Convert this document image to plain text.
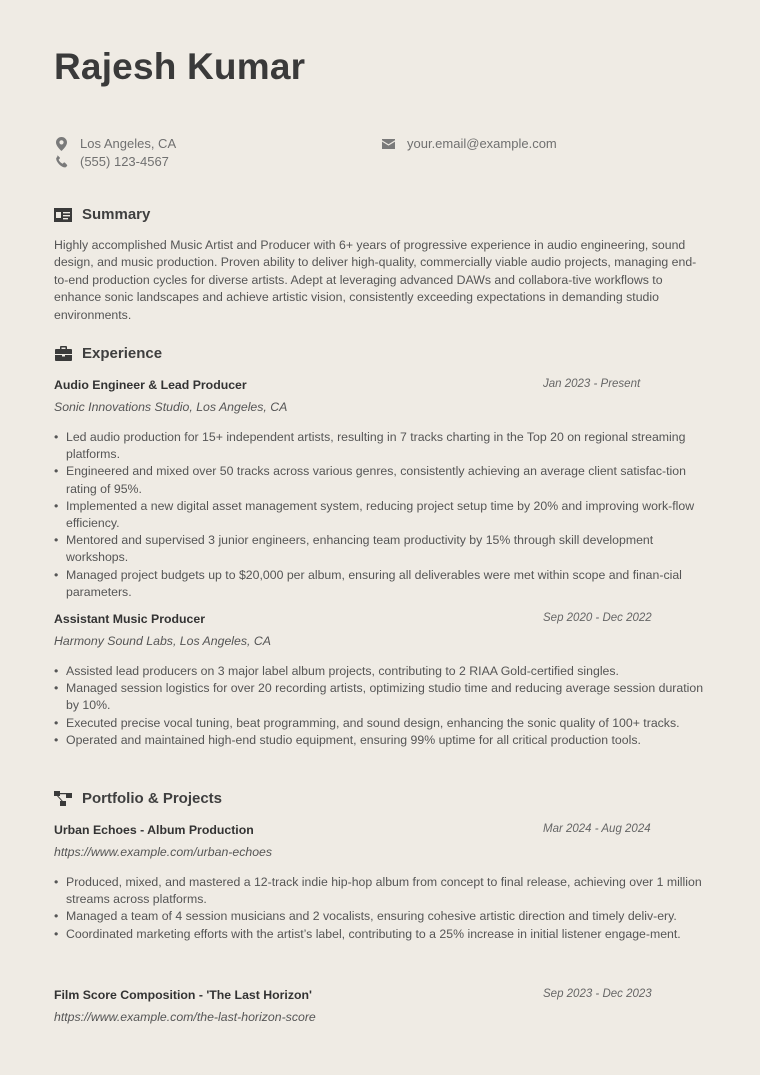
Rajesh Kumar
Los Angeles, CA
(555) 123-4567
your.email@example.com
Summary

Highly accomplished Music Artist and Producer with 6+ years of progressive experience in audio engineering, sound design, and music production. Proven ability to deliver high-quality, commercially viable audio projects, managing end-to-end production cycles for diverse artists. Adept at leveraging advanced DAWs and collabora-tive workflows to enhance sonic landscapes and achieve artistic vision, consistently exceeding expectations in demanding studio environments.

Experience
Audio Engineer & Lead Producer	Jan 2023 - Present
Sonic Innovations Studio, Los Angeles, CA
• Led audio production for 15+ independent artists, resulting in 7 tracks charting in the Top 20 on regional streaming platforms.
• Engineered and mixed over 50 tracks across various genres, consistently achieving an average client satisfac-tion rating of 95%.
• Implemented a new digital asset management system, reducing project setup time by 20% and improving work-flow efficiency.
• Mentored and supervised 3 junior engineers, enhancing team productivity by 15% through skill development workshops.
• Managed project budgets up to $20,000 per album, ensuring all deliverables were met within scope and finan-cial parameters.
Assistant Music Producer	Sep 2020 - Dec 2022
Harmony Sound Labs, Los Angeles, CA
• Assisted lead producers on 3 major label album projects, contributing to 2 RIAA Gold-certified singles.
• Managed session logistics for over 20 recording artists, optimizing studio time and reducing average session duration by 10%.
• Executed precise vocal tuning, beat programming, and sound design, enhancing the sonic quality of 100+ tracks.
• Operated and maintained high-end studio equipment, ensuring 99% uptime for all critical production tools.
Portfolio & Projects
Urban Echoes - Album Production	Mar 2024 - Aug 2024
https://www.example.com/urban-echoes
• Produced, mixed, and mastered a 12-track indie hip-hop album from concept to final release, achieving over 1 million streams across platforms.
• Managed a team of 4 session musicians and 2 vocalists, ensuring cohesive artistic direction and timely deliv-ery.
• Coordinated marketing efforts with the artist’s label, contributing to a 25% increase in initial listener engage-ment.
Film Score Composition - 'The Last Horizon'	Sep 2023 - Dec 2023
https://www.example.com/the-last-horizon-score
